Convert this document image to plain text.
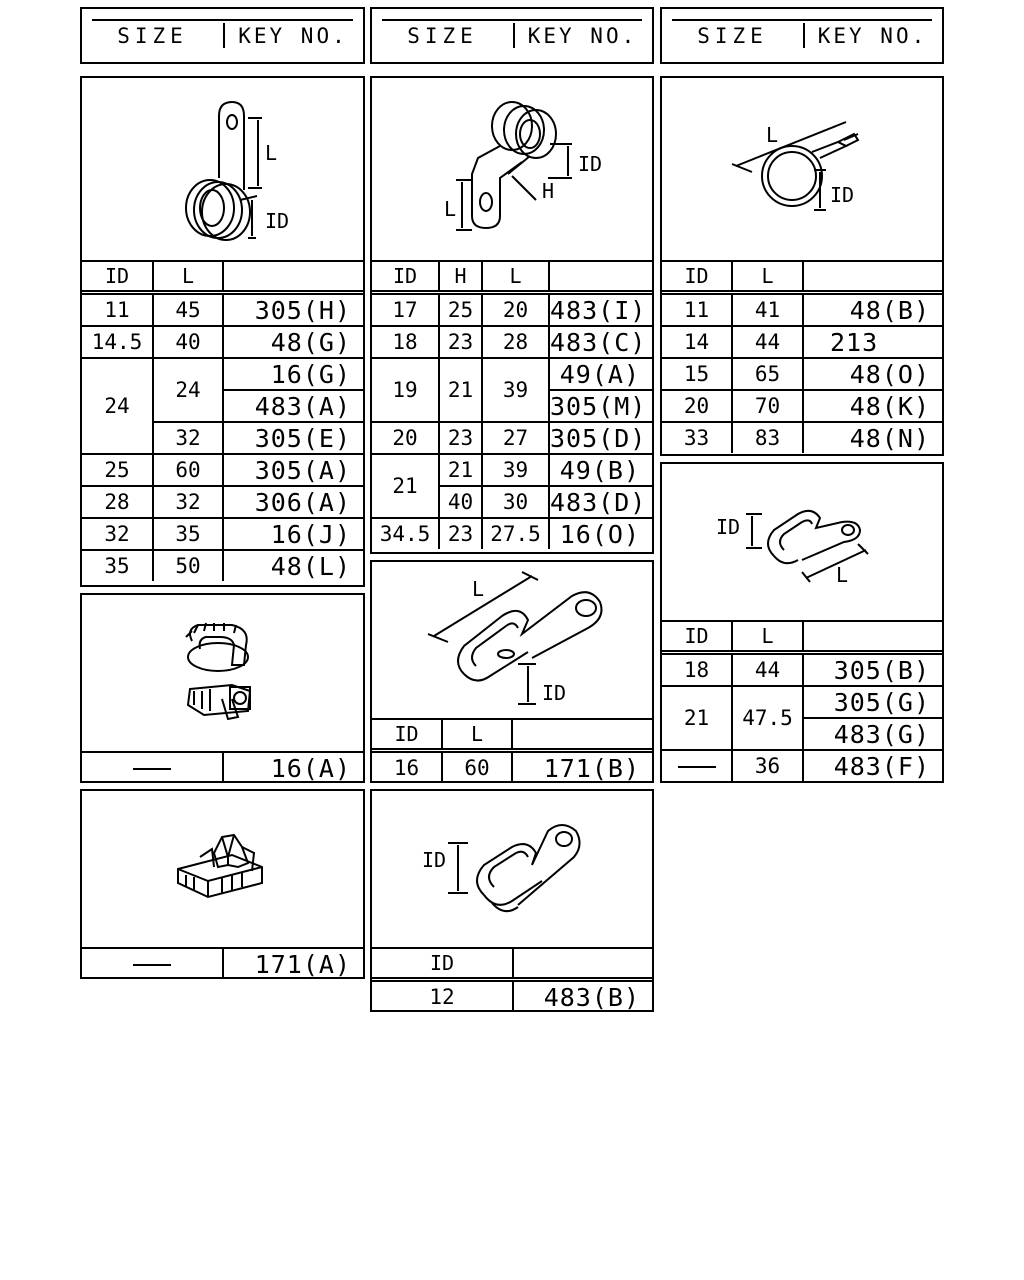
SIZE	KEY NO.	SIZE	KEY NO.	SIZE	KEY NO.
L
ID
ID	L	
11	45	305(H)
14.5	40	48(G)
24	24	16(G)
		483(A)
	32	305(E)
25	60	305(A)
28	32	306(A)
32	35	16(J)
35	50	48(L)
ID
H
L
ID	H	L	
17	25	20	483(I)
18	23	28	483(C)
19	21	39	49(A)
			305(M)
20	23	27	305(D)
21	21	39	49(B)
	40	30	483(D)
34.5	23	27.5	16(O)
L
ID
ID	L	
11	41	48(B)
14	44	213
15	65	48(O)
20	70	48(K)
33	83	48(N)
	16(A)
L
ID
ID	L	
16	60	171(B)
ID
L
ID	L	
18	44	305(B)
21	47.5	305(G)
		483(G)
	36	483(F)
	171(A)
ID
ID	
12	483(B)
